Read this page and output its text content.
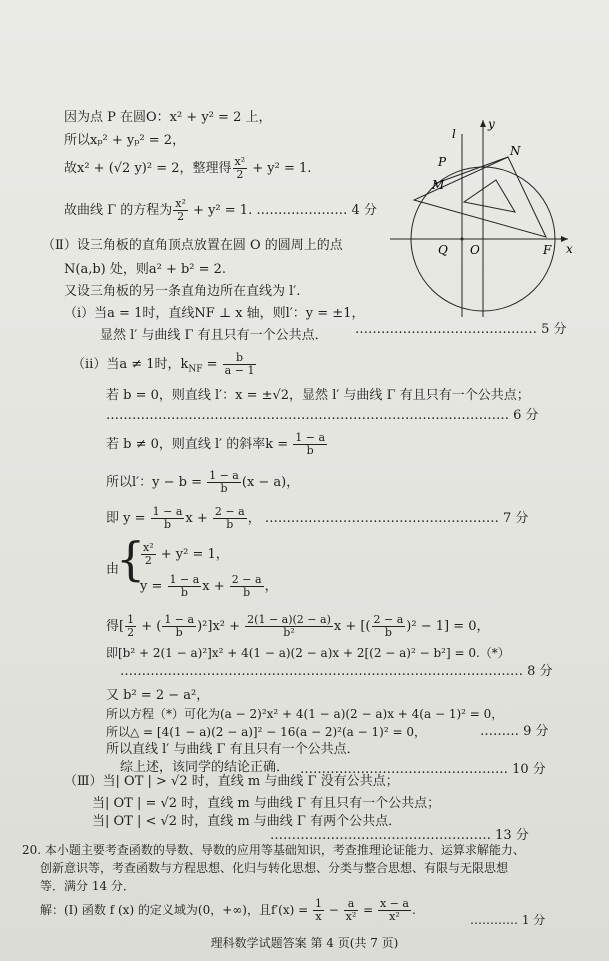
y
x
l
N
P
M
Q O	F
因为点 P 在圆O：x² + y² = 2 上，
所以xₚ² + yₚ² = 2，
故x² + (√2 y)² = 2，整理得 $\frac{\text{x²}}{2} + y^2 = 1$.
故曲线 Γ 的方程为 $\frac{\text{x²}}{2} + y^2 = 1$. ………………… 4 分
（Ⅱ）设三角板的直角顶点放置在圆 O 的圆周上的点
N(a,b) 处，则a² + b² = 2.
又设三角板的另一条直角边所在直线为 l′.
（ⅰ）当a = 1时，直线NF ⊥ x 轴，则l′：y = ±1，
显然 l′ 与曲线 Γ 有且只有一个公共点． …………………………………… 5 分
（ⅱ）当a ≠ 1时，$k_{NF} = \frac{b}{a - 1}$
若 b = 0，则直线 l′：x = ±√2，显然 l′ 与曲线 Γ 有且只有一个公共点；
………………………………………………………………………………… 6 分
若 b ≠ 0，则直线 l′ 的斜率$k = \frac{1 - a}{b}$
所以l′：$y - b = \frac{1 - a}{b} (x - a)$，
即 $y = \frac{1 - a}{b}$ $x + \frac{2 - a}{b}$ ， ……………………………………………… 7 分
由
{
$\frac{\text{x²}}{2} + y^2 = 1$，
$y = \frac{1 - a}{b}$ $x + \frac{2 - a}{b}$ ，
得[ $\frac{1}{2}$ + ( $\frac{1 - a}{b} )^2]x^2 + \frac{2(1 - a)(2 - a)}{\text{b²}}$ x + [( $\frac{2 - a}{b} )^2 - 1] = 0$，
即[b² + 2(1 − a)²]x² + 4(1 − a)(2 − a)x + 2[(2 − a)² − b²] = 0.（*）
………………………………………………………………………………… 8 分
又 b² = 2 − a²，
所以方程（*）可化为(a − 2)²x² + 4(1 − a)(2 − a)x + 4(a − 1)² = 0，
所以△ = [4(1 − a)(2 − a)]² − 16(a − 2)²(a − 1)² = 0，	……… 9 分
所以直线 l′ 与曲线 Γ 有且只有一个公共点．
综上述，该同学的结论正确． ………………………………………… 10 分
（Ⅲ）当| OT | > √2 时，直线 m 与曲线 Γ 没有公共点；
当| OT | = √2 时，直线 m 与曲线 Γ 有且只有一个公共点；
当| OT | < √2 时，直线 m 与曲线 Γ 有两个公共点．
…………………………………………… 13 分
20. 本小题主要考查函数的导数、导数的应用等基础知识，考查推理论证能力、运算求解能力、
创新意识等，考查函数与方程思想、化归与转化思想、分类与整合思想、有限与无限思想
等．满分 14 分．
解：(Ⅰ) 函数 f (x) 的定义域为(0，+∞)，且$f'(x) = \frac{1}{x} - \frac{a}{\text{x²}} = \frac{x - a}{\text{x²}}$ .
………… 1 分
理科数学试题答案 第 4 页(共 7 页)
